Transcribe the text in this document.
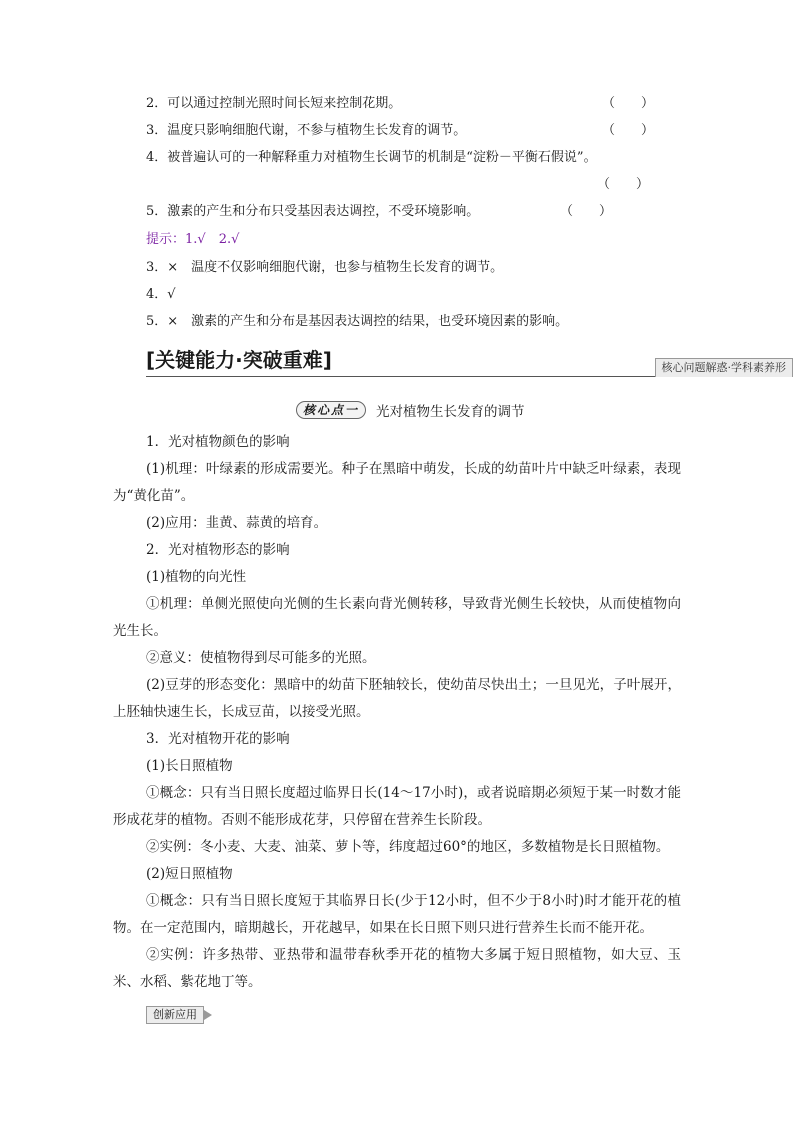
2．可以通过控制光照时间长短来控制花期。	（　　）
3．温度只影响细胞代谢，不参与植物生长发育的调节。	（　　）
4．被普遍认可的一种解释重力对植物生长调节的机制是“淀粉－平衡石假说”。
（　　）
5．激素的产生和分布只受基因表达调控，不受环境影响。	（　　）
提示：1.√　2.√
3．×　温度不仅影响细胞代谢，也参与植物生长发育的调节。
4．√
5．×　激素的产生和分布是基因表达调控的结果，也受环境因素的影响。
[关键能力·突破重难]	核心问题解惑·学科素养形
核心点一	光对植物生长发育的调节
1．光对植物颜色的影响
(1)机理：叶绿素的形成需要光。种子在黑暗中萌发，长成的幼苗叶片中缺乏叶绿素，表现为“黄化苗”。
(2)应用：韭黄、蒜黄的培育。
2．光对植物形态的影响
(1)植物的向光性
①机理：单侧光照使向光侧的生长素向背光侧转移，导致背光侧生长较快，从而使植物向光生长。
②意义：使植物得到尽可能多的光照。
(2)豆芽的形态变化：黑暗中的幼苗下胚轴较长，使幼苗尽快出土；一旦见光，子叶展开，上胚轴快速生长，长成豆苗，以接受光照。
3．光对植物开花的影响
(1)长日照植物
①概念：只有当日照长度超过临界日长(14～17小时)，或者说暗期必须短于某一时数才能形成花芽的植物。否则不能形成花芽，只停留在营养生长阶段。
②实例：冬小麦、大麦、油菜、萝卜等，纬度超过60°的地区，多数植物是长日照植物。
(2)短日照植物
①概念：只有当日照长度短于其临界日长(少于12小时，但不少于8小时)时才能开花的植物。在一定范围内，暗期越长，开花越早，如果在长日照下则只进行营养生长而不能开花。
②实例：许多热带、亚热带和温带春秋季开花的植物大多属于短日照植物，如大豆、玉米、水稻、紫花地丁等。
创新应用
